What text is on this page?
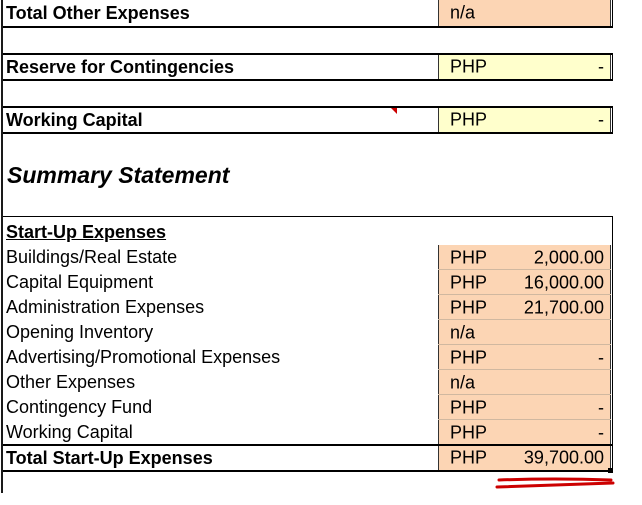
Total Other Expenses	n/a
Reserve for Contingencies	PHP	-
Working Capital	PHP	-
Summary Statement
Start-Up Expenses
Buildings/Real Estate	PHP	2,000.00
Capital Equipment	PHP 16,000.00
Administration Expenses	PHP 21,700.00
Opening Inventory	n/a
Advertising/Promotional Expenses	PHP	-
Other Expenses	n/a
Contingency Fund	PHP	-
Working Capital	PHP	-
Total Start-Up Expenses	PHP 39,700.00
